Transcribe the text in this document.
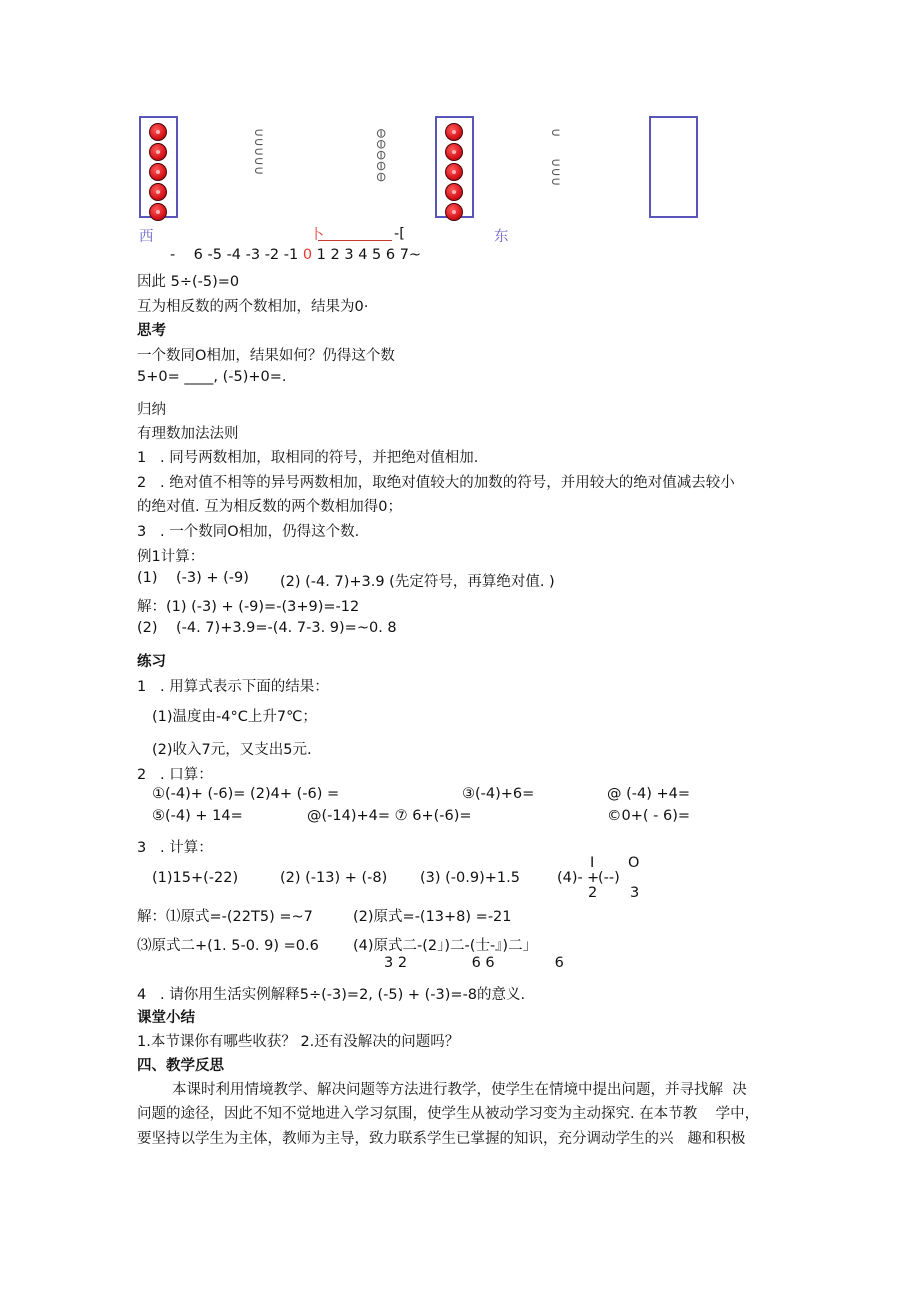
∪∪∪∪∪	⊖⊖⊖⊖⊖	∪
∪∪∪
西	卜	-[	东
-    6 -5 -4 -3 -2 -1 0 1 2 3 4 5 6 7~
因此 5÷(-5)=0
互为相反数的两个数相加，结果为0·
思考
一个数同O相加，结果如何？仍得这个数
5+0= ____, (-5)+0=.
归纳
有理数加法法则
1   . 同号两数相加，取相同的符号，并把绝对值相加.
2   . 绝对值不相等的异号两数相加，取绝对值较大的加数的符号，并用较大的绝对值减去较小
的绝对值. 互为相反数的两个数相加得0；
3   . 一个数同O相加，仍得这个数.
例1计算：
(1)    (-3) + (-9) (2) (-4. 7)+3.9 (先定符号，再算绝对值. )
解：(1) (-3) + (-9)=-(3+9)=-12
(2)    (-4. 7)+3.9=-(4. 7-3. 9)=~0. 8
练习
1   . 用算式表示下面的结果：
(1)温度由-4°C上升7℃；
(2)收入7元，又支出5元.
2   . 口算：
①(-4)+ (-6)= (2)4+ (-6) =	③(-4)+6=	@ (-4) +4=
⑤(-4) + 14=	@(-14)+4= ⑦ 6+(-6)=	©0+( - 6)=
3   . 计算：
(1)15+(-22)	(2) (-13) + (-8) (3) (-0.9)+1.5	(4)-
I
+
(--)
2
O
3
解：⑴原式=-(22T5) =~7	(2)原式=-(13+8) =-21
⑶原式二+(1. 5-0. 9) =0.6 (4)原式二-(2」)二-(士-』)二」
3 2              6 6             6
4   . 请你用生活实例解释5÷(-3)=2, (-5) + (-3)=-8的意义.
课堂小结
1.本节课你有哪些收获？ 2.还有没解决的问题吗？
四、教学反思
本课时利用情境教学、解决问题等方法进行教学，使学生在情境中提出问题，并寻找解  决
问题的途径，因此不知不觉地进入学习氛围，使学生从被动学习变为主动探究. 在本节教    学中，
要坚持以学生为主体，教师为主导，致力联系学生已掌握的知识，充分调动学生的兴   趣和积极
